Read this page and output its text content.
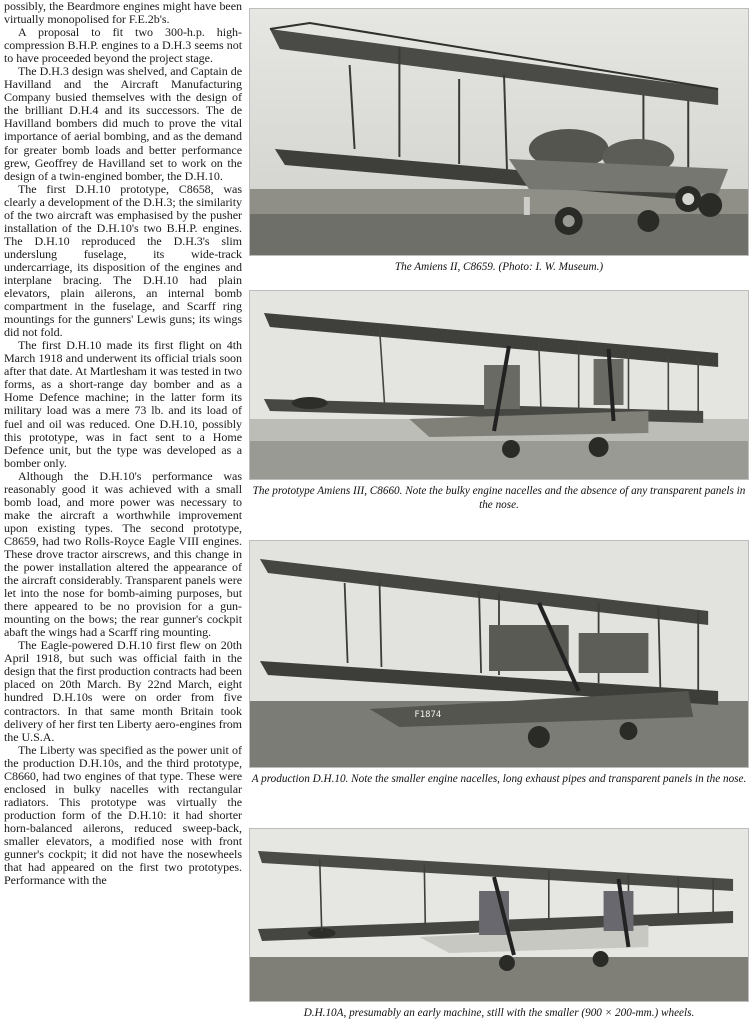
possibly, the Beardmore engines might have been virtually monopolised for F.E.2b's.

A proposal to fit two 300-h.p. high-compression B.H.P. engines to a D.H.3 seems not to have proceeded beyond the project stage.

The D.H.3 design was shelved, and Captain de Havilland and the Aircraft Manufacturing Company busied themselves with the design of the brilliant D.H.4 and its successors. The de Havilland bombers did much to prove the vital importance of aerial bombing, and as the demand for greater bomb loads and better performance grew, Geoffrey de Havilland set to work on the design of a twin-engined bomber, the D.H.10.

The first D.H.10 prototype, C8658, was clearly a development of the D.H.3; the similarity of the two aircraft was emphasised by the pusher installation of the D.H.10's two B.H.P. engines. The D.H.10 reproduced the D.H.3's slim underslung fuselage, its wide-track undercarriage, its disposition of the engines and interplane bracing. The D.H.10 had plain elevators, plain ailerons, an internal bomb compartment in the fuselage, and Scarff ring mountings for the gunners' Lewis guns; its wings did not fold.

The first D.H.10 made its first flight on 4th March 1918 and underwent its official trials soon after that date. At Martlesham it was tested in two forms, as a short-range day bomber and as a Home Defence machine; in the latter form its military load was a mere 73 lb. and its load of fuel and oil was reduced. One D.H.10, possibly this prototype, was in fact sent to a Home Defence unit, but the type was developed as a bomber only.

Although the D.H.10's performance was reasonably good it was achieved with a small bomb load, and more power was necessary to make the aircraft a worthwhile improvement upon existing types. The second prototype, C8659, had two Rolls-Royce Eagle VIII engines. These drove tractor airscrews, and this change in the power installation altered the appearance of the aircraft considerably. Transparent panels were let into the nose for bomb-aiming purposes, but there appeared to be no provision for a gun-mounting on the bows; the rear gunner's cockpit abaft the wings had a Scarff ring mounting.

The Eagle-powered D.H.10 first flew on 20th April 1918, but such was official faith in the design that the first production contracts had been placed on 20th March. By 22nd March, eight hundred D.H.10s were on order from five contractors. In that same month Britain took delivery of her first ten Liberty aero-engines from the U.S.A.

The Liberty was specified as the power unit of the production D.H.10s, and the third prototype, C8660, had two engines of that type. These were enclosed in bulky nacelles with rectangular radiators. This prototype was virtually the production form of the D.H.10: it had shorter horn-balanced ailerons, reduced sweep-back, smaller elevators, a modified nose with front gunner's cockpit; it did not have the nosewheels that had appeared on the first two prototypes. Performance with the

The Amiens II, C8659. (Photo: I. W. Museum.)
The prototype Amiens III, C8660. Note the bulky engine nacelles and the absence of any transparent panels in the nose.
F1874
A production D.H.10. Note the smaller engine nacelles, long exhaust pipes and transparent panels in the nose.
D.H.10A, presumably an early machine, still with the smaller (900 × 200-mm.) wheels.
